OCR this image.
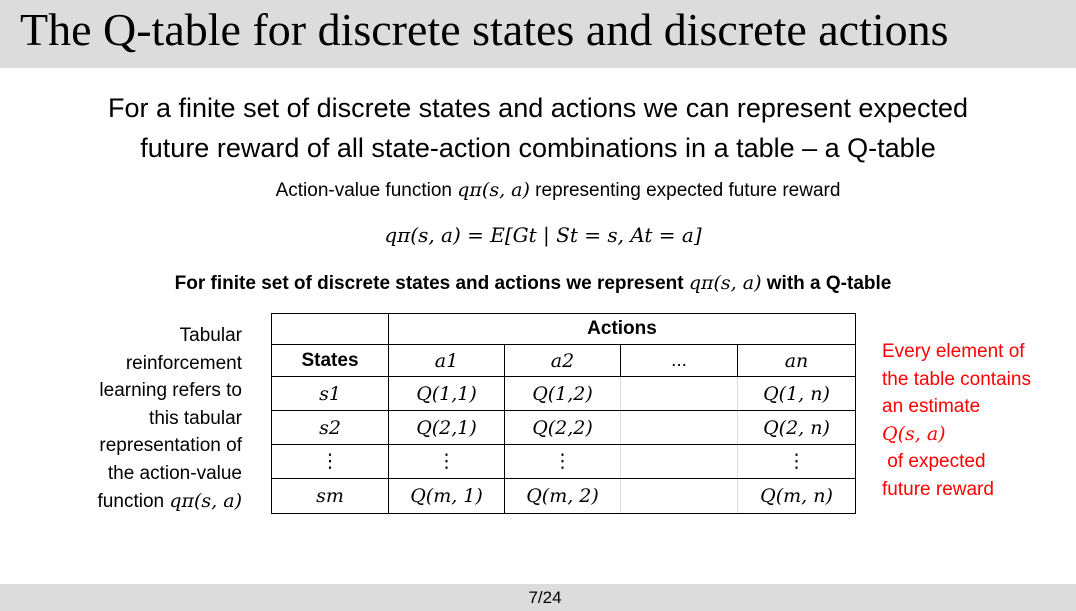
The Q-table for discrete states and discrete actions
For a finite set of discrete states and actions we can represent expected
future reward of all state-action combinations in a table – a Q-table
Action-value function qπ(s, a) representing expected future reward
qπ(s, a) = E[Gt | St = s, At = a]
For finite set of discrete states and actions we represent qπ(s, a) with a Q-table
Tabular
reinforcement
learning refers to
this tabular
representation of
the action-value
function qπ(s, a)
	Actions			
States	a1	a2	...	an
s1	Q(1,1)	Q(1,2)		Q(1, n)
s2	Q(2,1)	Q(2,2)		Q(2, n)
⋮	⋮	⋮		⋮
sm	Q(m, 1)	Q(m, 2)		Q(m, n)
Every element of
the table contains
an estimate
Q(s, a)
of expected
future reward
7/24
